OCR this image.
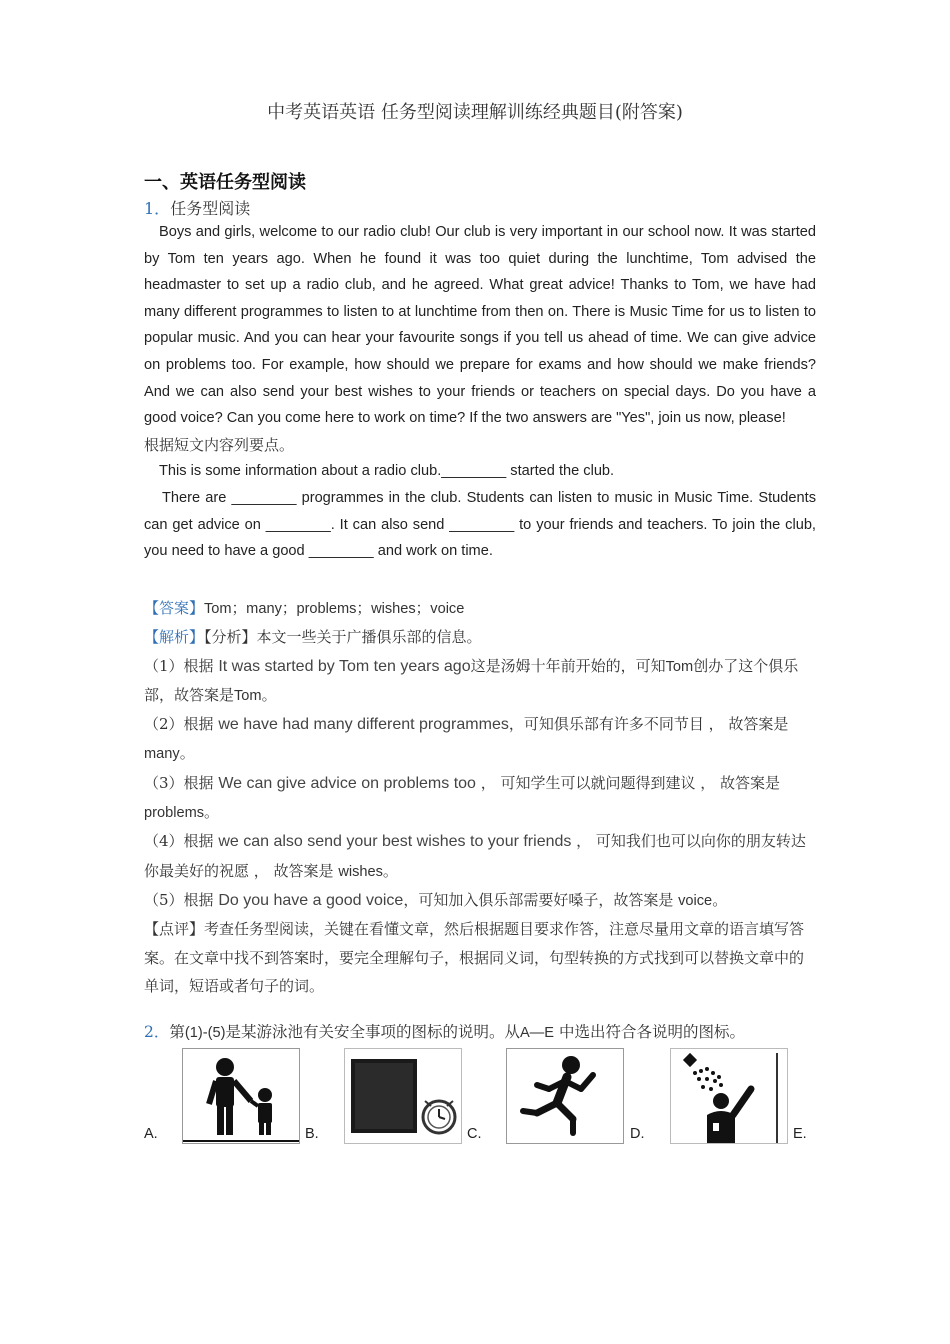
中考英语英语 任务型阅读理解训练经典题目(附答案)
一、英语任务型阅读
1．任务型阅读

Boys and girls, welcome to our radio club! Our club is very important in our school now. It was started by Tom ten years ago. When he found it was too quiet during the lunchtime, Tom advised the headmaster to set up a radio club, and he agreed. What great advice! Thanks to Tom, we have had many different programmes to listen to at lunchtime from then on. There is Music Time for us to listen to popular music. And you can hear your favourite songs if you tell us ahead of time. We can give advice on problems too. For example, how should we prepare for exams and how should we make friends? And we can also send your best wishes to your friends or teachers on special days. Do you have a good voice? Can you come here to work on time? If the two answers are "Yes", join us now, please!

根据短文内容列要点。

This is some information about a radio club.________ started the club.

There are ________ programmes in the club. Students can listen to music in Music Time. Students can get advice on ________. It can also send ________ to your friends and teachers. To join the club, you need to have a good ________ and work on time.

【答案】Tom；many；problems；wishes；voice

【解析】【分析】本文一些关于广播俱乐部的信息。

（1）根据 It was started by Tom ten years ago这是汤姆十年前开始的，可知Tom创办了这个俱乐部，故答案是Tom。

（2）根据 we have had many different programmes，可知俱乐部有许多不同节目 ， 故答案是 many。

（3）根据 We can give advice on problems too ， 可知学生可以就问题得到建议 ， 故答案是 problems。

（4）根据 we can also send your best wishes to your friends ， 可知我们也可以向你的朋友转达你最美好的祝愿 ， 故答案是 wishes。

（5）根据 Do you have a good voice，可知加入俱乐部需要好嗓子，故答案是 voice。

【点评】考查任务型阅读，关键在看懂文章，然后根据题目要求作答，注意尽量用文章的语言填写答案。在文章中找不到答案时，要完全理解句子，根据同义词，句型转换的方式找到可以替换文章中的单词，短语或者句子的词。

2．第(1)-(5)是某游泳池有关安全事项的图标的说明。从A—E 中选出符合各说明的图标。
A.	B.	C.	D.	E.
